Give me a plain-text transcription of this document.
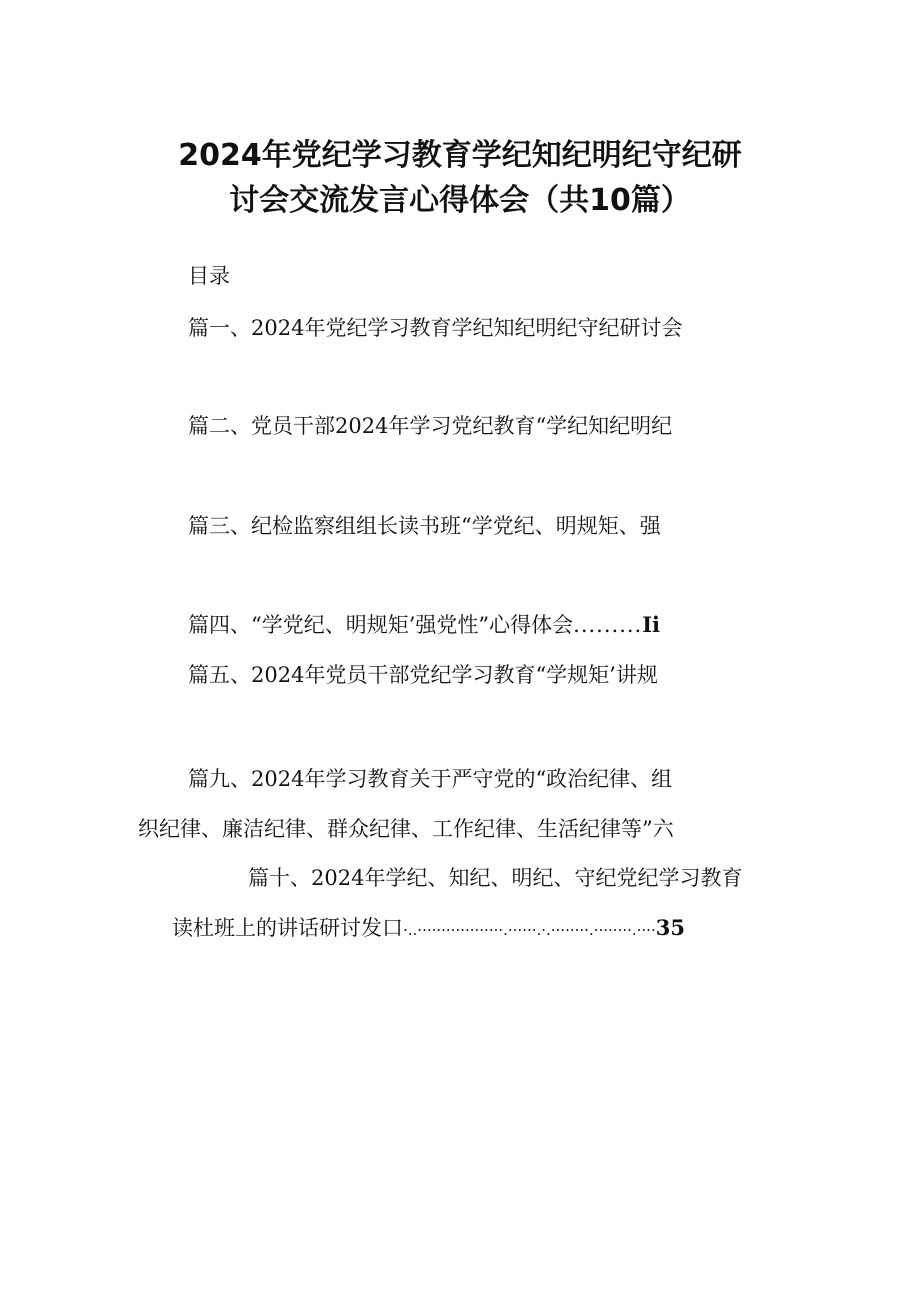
2024年党纪学习教育学纪知纪明纪守纪研
讨会交流发言心得体会（共10篇）
目录
篇一、2024年党纪学习教育学纪知纪明纪守纪研讨会
篇二、党员干部2024年学习党纪教育“学纪知纪明纪
篇三、纪检监察组组长读书班“学党纪、明规矩、强
篇四、“学党纪、明规矩’强党性”心得体会.........Ii
篇五、2024年党员干部党纪学习教育“学规矩’讲规
篇九、2024年学习教育关于严守党的“政治纪律、组
织纪律、廉洁纪律、群众纪律、工作纪律、生活纪律等”六
篇十、2024年学纪、知纪、明纪、守纪党纪学习教育
读杜班上的讲话研讨发口·..··················.······.·.········.········.····35
